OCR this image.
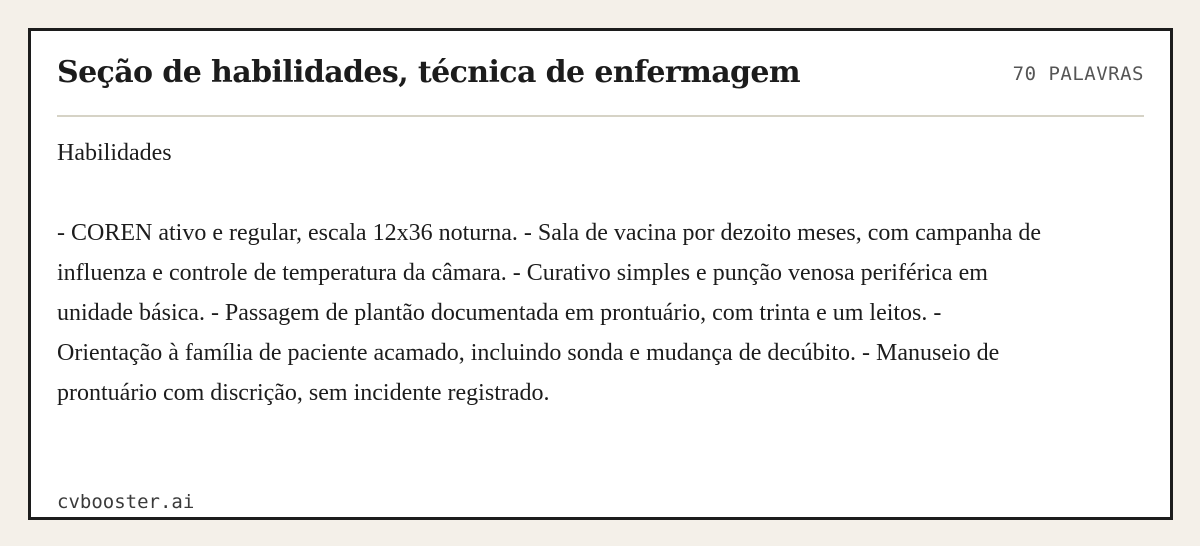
Seção de habilidades, técnica de enfermagem	70 PALAVRAS

Habilidades

- COREN ativo e regular, escala 12x36 noturna. - Sala de vacina por dezoito meses, com campanha de influenza e controle de temperatura da câmara. - Curativo simples e punção venosa periférica em unidade básica. - Passagem de plantão documentada em prontuário, com trinta e um leitos. - Orientação à família de paciente acamado, incluindo sonda e mudança de decúbito. - Manuseio de prontuário com discrição, sem incidente registrado.

cvbooster.ai
